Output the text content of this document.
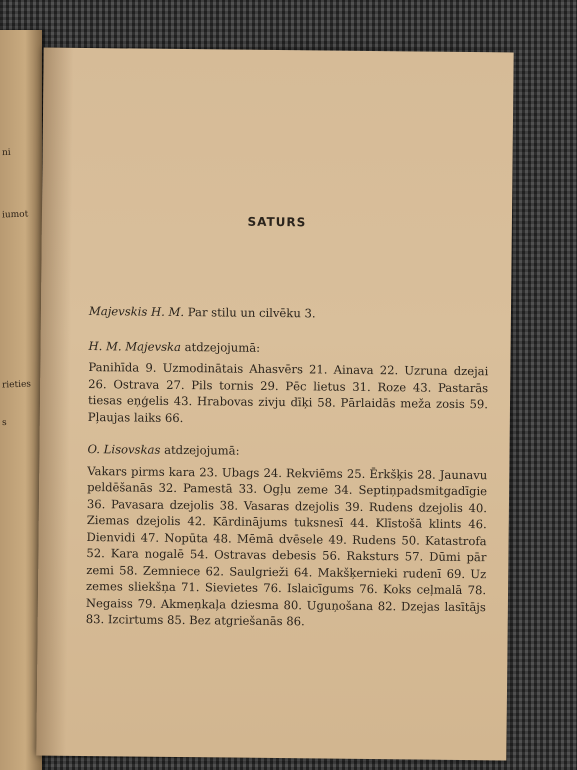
ni
iumot
rieties
s
SATURS

Majevskis H. M. Par stilu un cilvēku 3.

H. M. Majevska atdzejojumā:

Panihīda 9. Uzmodinātais Ahasvērs 21. Ainava 22. Uzruna dzejai 26. Ostrava 27. Pils tornis 29. Pēc lietus 31. Roze 43. Pastarās tiesas eņģelis 43. Hrabovas zivju dīķi 58. Pārlaidās meža zosis 59. Pļaujas laiks 66.

O. Lisovskas atdzejojumā:

Vakars pirms kara 23. Ubags 24. Rekviēms 25. Ērkšķis 28. Jaunavu peldēšanās 32. Pamestā 33. Ogļu zeme 34. Septiņpadsmitgadīgie 36. Pavasara dzejolis 38. Vasaras dzejolis 39. Rudens dzejolis 40. Ziemas dzejolis 42. Kārdinājums tuksnesī 44. Klīstošā klints 46. Dienvidi 47. Nopūta 48. Mēmā dvēsele 49. Rudens 50. Katastrofa 52. Kara nogalē 54. Ostravas debesis 56. Raksturs 57. Dūmi pār zemi 58. Zemniece 62. Saulgrieži 64. Makšķernieki rudenī 69. Uz zemes sliekšņa 71. Sievietes 76. Islaicīgums 76. Koks ceļmalā 78. Negaiss 79. Akmeņkaļa dziesma 80. Uguņošana 82. Dzejas lasītājs 83. Izcirtums 85. Bez atgriešanās 86.
